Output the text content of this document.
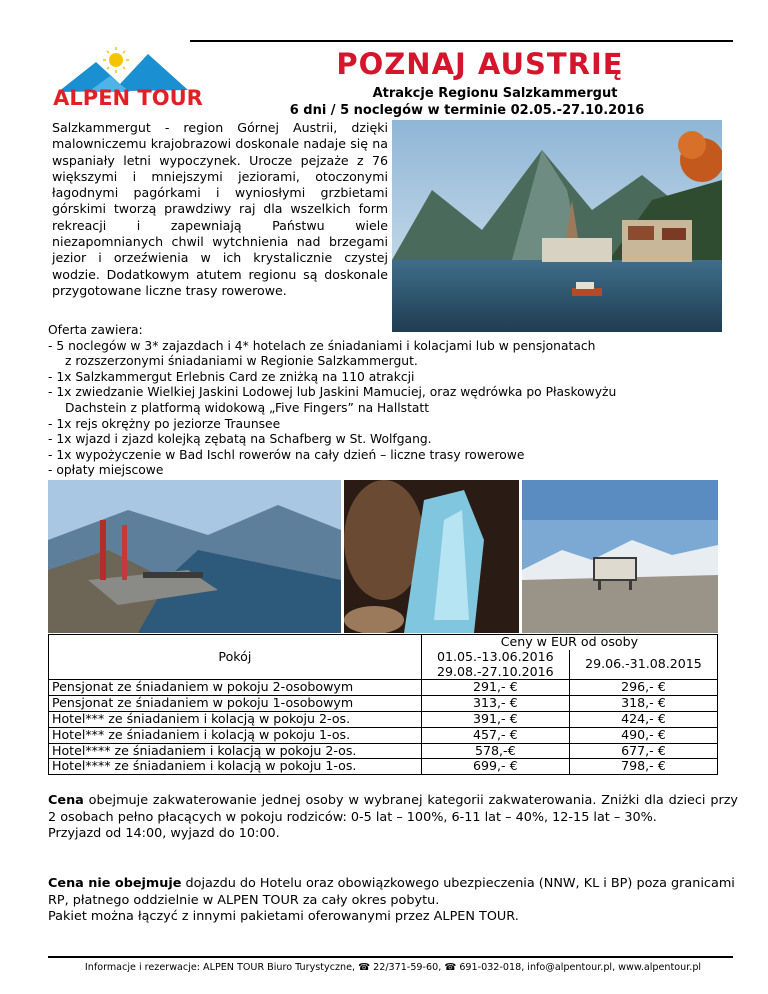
ALPEN TOUR
POZNAJ AUSTRIĘ
Atrakcje Regionu Salzkammergut
6 dni / 5 noclegów w terminie 02.05.-27.10.2016
Salzkammergut - region Górnej Austrii, dzięki malowniczemu krajobrazowi doskonale nadaje się na wspaniały letni wypoczynek. Urocze pejzaże z 76 większymi i mniejszymi jeziorami, otoczonymi łagodnymi pagórkami i wyniosłymi grzbietami górskimi tworzą prawdziwy raj dla wszelkich form rekreacji i zapewniają Państwu wiele niezapomnianych chwil wytchnienia nad brzegami jezior i orzeźwienia w ich krystalicznie czystej wodzie. Dodatkowym atutem regionu są doskonale przygotowane liczne trasy rowerowe.
Oferta zawiera:
- 5 noclegów w 3* zajazdach i 4* hotelach ze śniadaniami i kolacjami lub w pensjonatach
z rozszerzonymi śniadaniami w Regionie Salzkammergut.
- 1x Salzkammergut Erlebnis Card ze zniżką na 110 atrakcji
- 1x zwiedzanie Wielkiej Jaskini Lodowej lub Jaskini Mamuciej, oraz wędrówka po Płaskowyżu
Dachstein z platformą widokową „Five Fingers” na Hallstatt
- 1x rejs okrężny po jeziorze Traunsee
- 1x wjazd i zjazd kolejką zębatą na Schafberg w St. Wolfgang.
- 1x wypożyczenie w Bad Ischl rowerów na cały dzień – liczne trasy rowerowe
- opłaty miejscowe
Pokój	Ceny w EUR od osoby	
	01.05.-13.06.2016	29.06.-31.08.2015
	29.08.-27.10.2016	
Pensjonat ze śniadaniem w pokoju 2-osobowym	291,- €	296,- €
Pensjonat ze śniadaniem w pokoju 1-osobowym	313,- €	318,- €
Hotel*** ze śniadaniem i kolacją w pokoju 2-os.	391,- €	424,- €
Hotel*** ze śniadaniem i kolacją w pokoju 1-os.	457,- €	490,- €
Hotel**** ze śniadaniem i kolacją w pokoju 2-os.	578,-€	677,- €
Hotel**** ze śniadaniem i kolacją w pokoju 1-os.	699,- €	798,- €
Cena obejmuje zakwaterowanie jednej osoby w wybranej kategorii zakwaterowania. Zniżki dla dzieci przy 2 osobach pełno płacących w pokoju rodziców: 0-5 lat – 100%, 6-11 lat – 40%, 12-15 lat – 30%.
Przyjazd od 14:00, wyjazd do 10:00.
Cena nie obejmuje dojazdu do Hotelu oraz obowiązkowego ubezpieczenia (NNW, KL i BP) poza granicami RP, płatnego oddzielnie w ALPEN TOUR za cały okres pobytu.
Pakiet można łączyć z innymi pakietami oferowanymi przez ALPEN TOUR.
Informacje i rezerwacje: ALPEN TOUR Biuro Turystyczne, ☎ 22/371-59-60, ☎ 691-032-018, info@alpentour.pl, www.alpentour.pl
